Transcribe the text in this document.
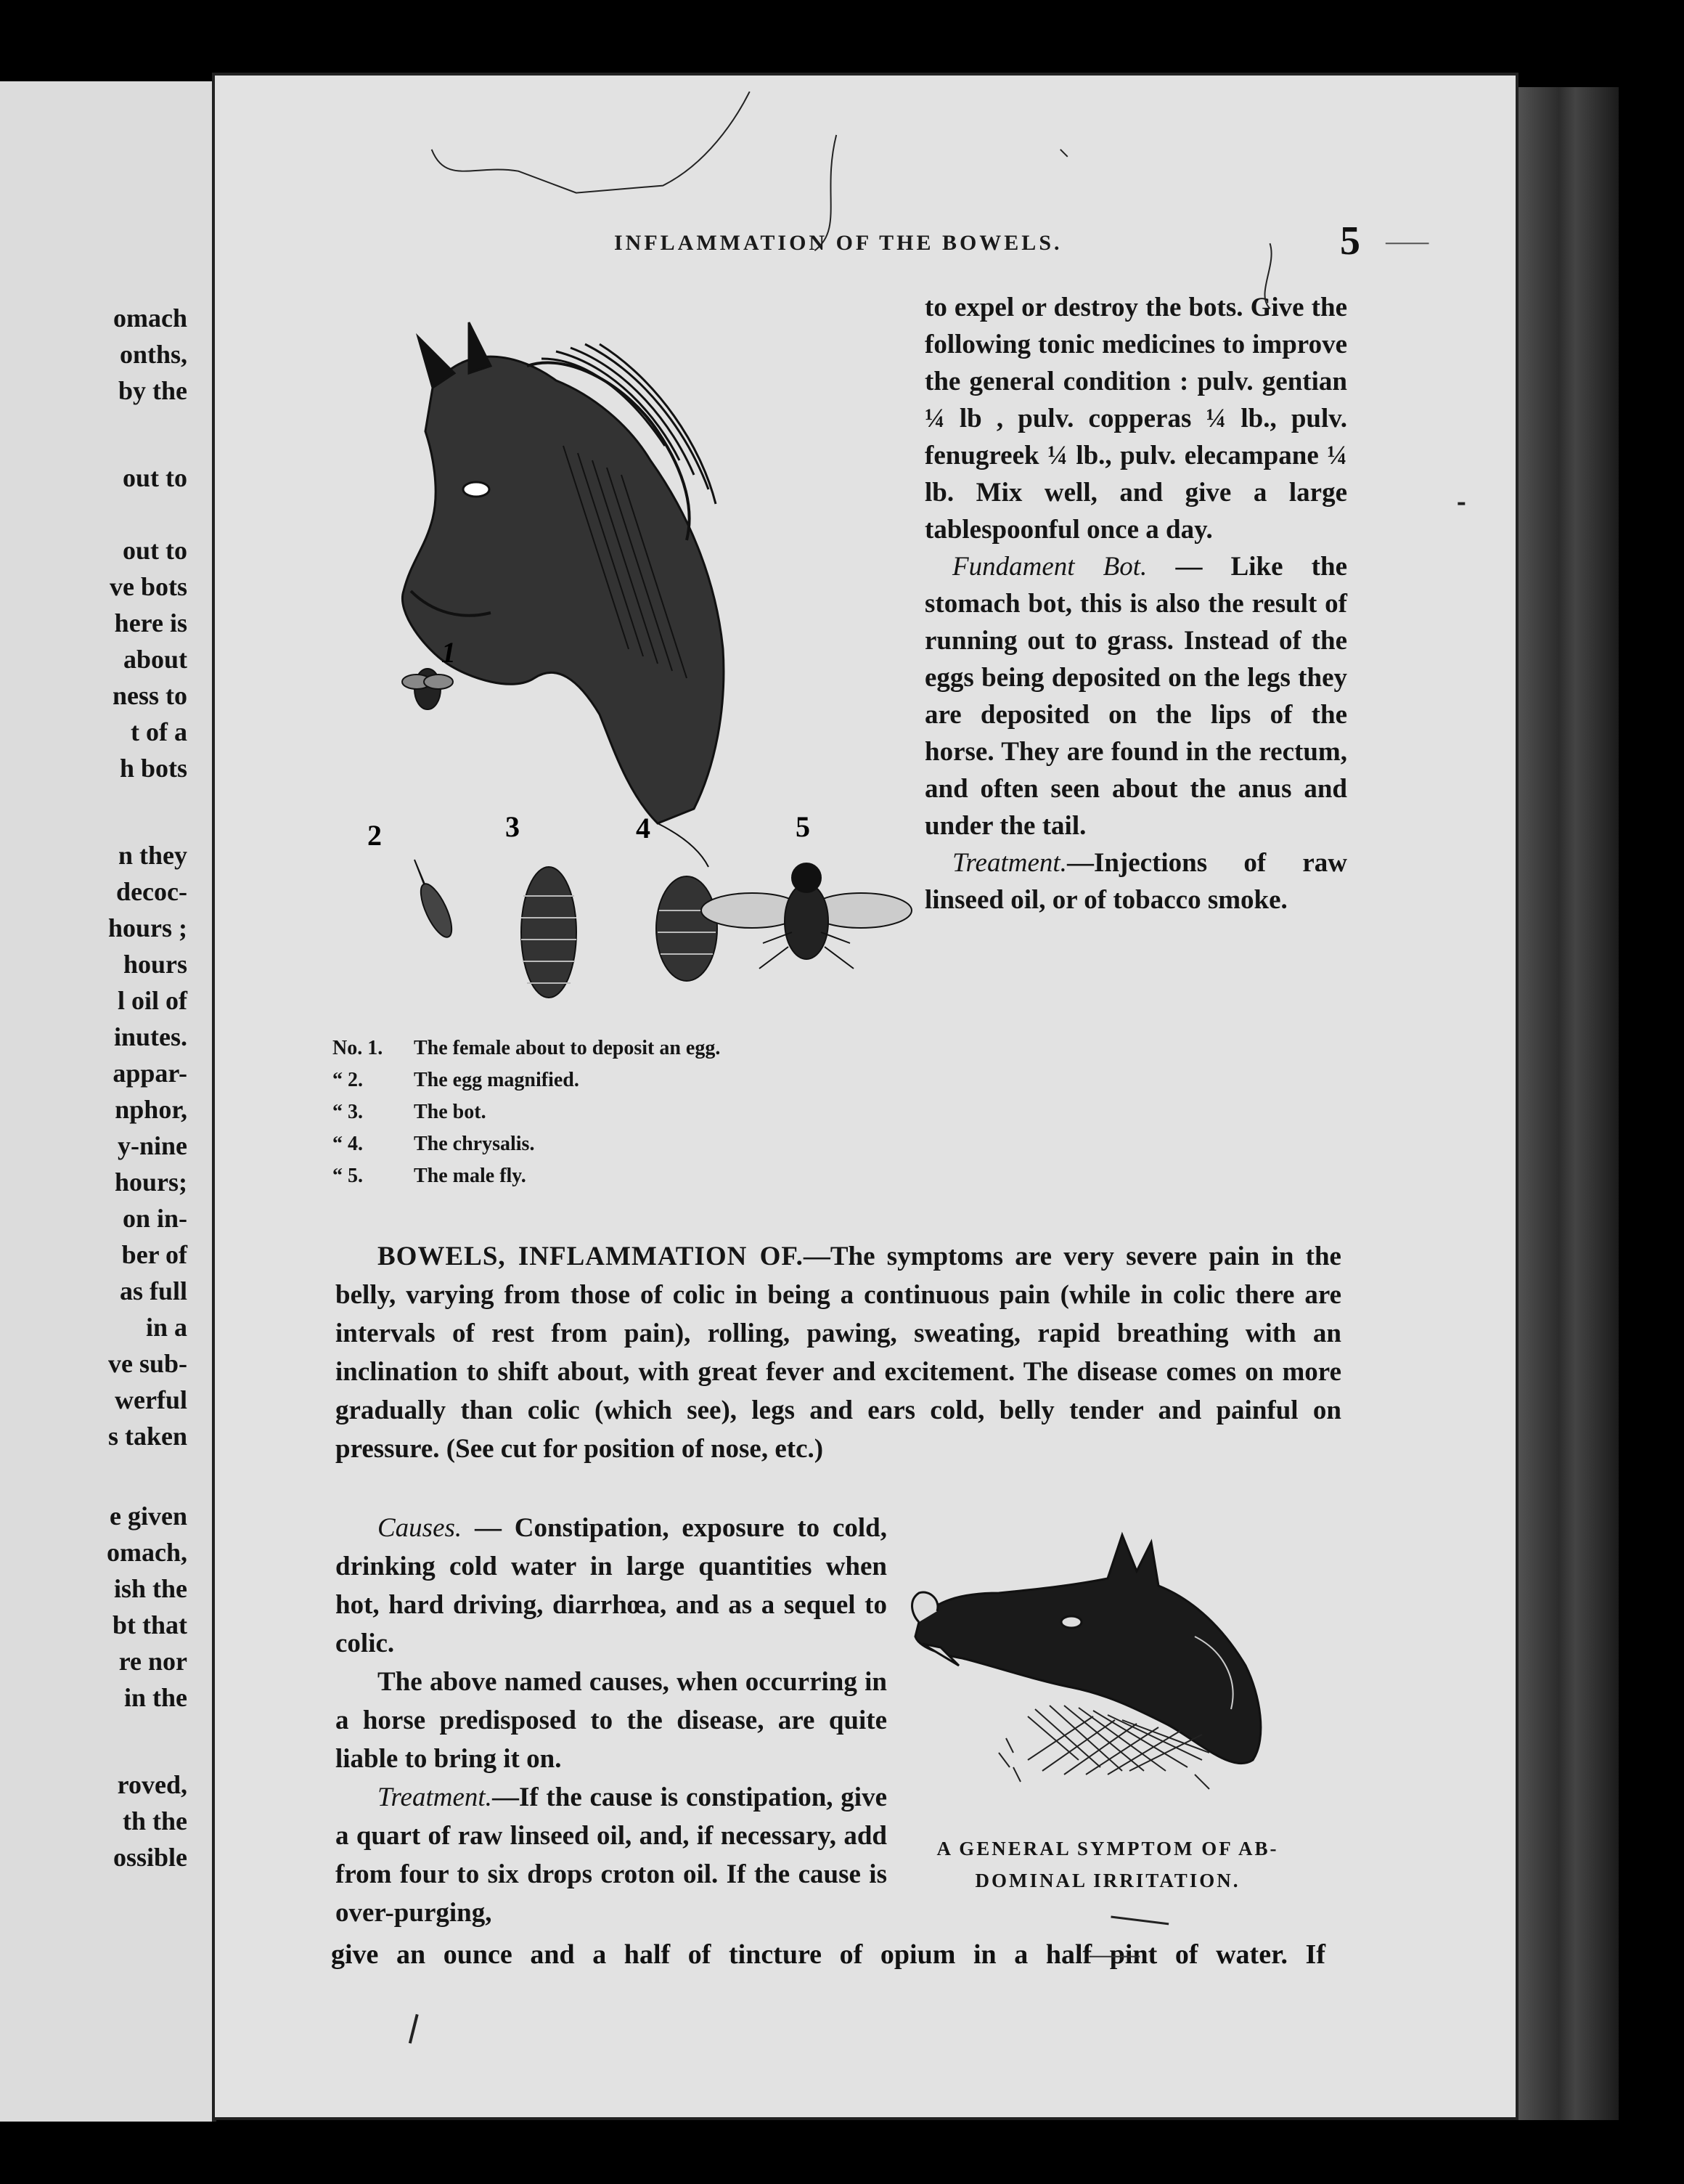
omach
onths,
by the
out to
out to
ve bots
here is
about
ness to
t of a
h bots
n they
decoc-
hours ;
hours
l oil of
inutes.
appar-
nphor,
y-nine
hours;
on in-
ber of
as full
in a
ve sub-
werful
s taken
e given
omach,
ish the
bt that
re nor
in the
roved,
th the
ossible
INFLAMMATION OF THE BOWELS.	5
1
2	3	4	5
No. 1. The female about to deposit an egg.
“ 2.	The egg magnified.
“ 3.	The bot.
“ 4.	The chrysalis.
“ 5.	The male fly.

to expel or destroy the bots. Give the following tonic medicines to improve the general condition : pulv. gentian ¼ lb , pulv. copperas ¼ lb., pulv. fenugreek ¼ lb., pulv. elecampane ¼ lb. Mix well, and give a large tablespoonful once a day.

Fundament Bot. — Like the stomach bot, this is also the result of running out to grass. Instead of the eggs being deposited on the legs they are deposited on the lips of the horse. They are found in the rectum, and often seen about the anus and under the tail.

Treatment.—Injections of raw linseed oil, or of tobacco smoke.

BOWELS, INFLAMMATION OF.—The symptoms are very severe pain in the belly, varying from those of colic in being a continuous pain (while in colic there are intervals of rest from pain), rolling, pawing, sweating, rapid breathing with an inclination to shift about, with great fever and excitement. The disease comes on more gradually than colic (which see), legs and ears cold, belly tender and painful on pressure. (See cut for position of nose, etc.)

Causes. — Constipation, exposure to cold, drinking cold water in large quantities when hot, hard driving, diarrhœa, and as a sequel to colic.

The above named causes, when occurring in a horse predisposed to the disease, are quite liable to bring it on.

Treatment.—If the cause is constipation, give a quart of raw linseed oil, and, if necessary, add from four to six drops croton oil. If the cause is over-purging,

A GENERAL SYMPTOM OF AB-
DOMINAL IRRITATION.
give an ounce and a half of tincture of opium in a half pint of water. If
